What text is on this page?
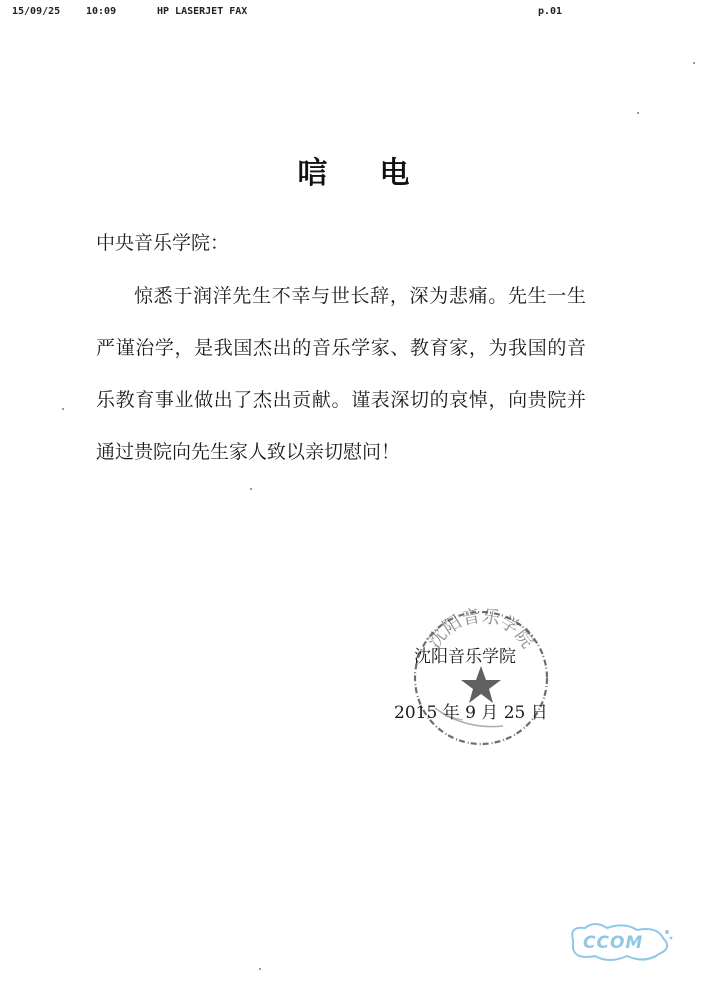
15/09/25	10:09	HP LASERJET FAX	p.01
唁电
中央音乐学院：
惊悉于润洋先生不幸与世长辞，深为悲痛。先生一生严谨治学，是我国杰出的音乐学家、教育家，为我国的音乐教育事业做出了杰出贡献。谨表深切的哀悼，向贵院并通过贵院向先生家人致以亲切慰问！
沈阳音乐学院
沈阳音乐学院
2015 年 9 月 25 日
CCOM
